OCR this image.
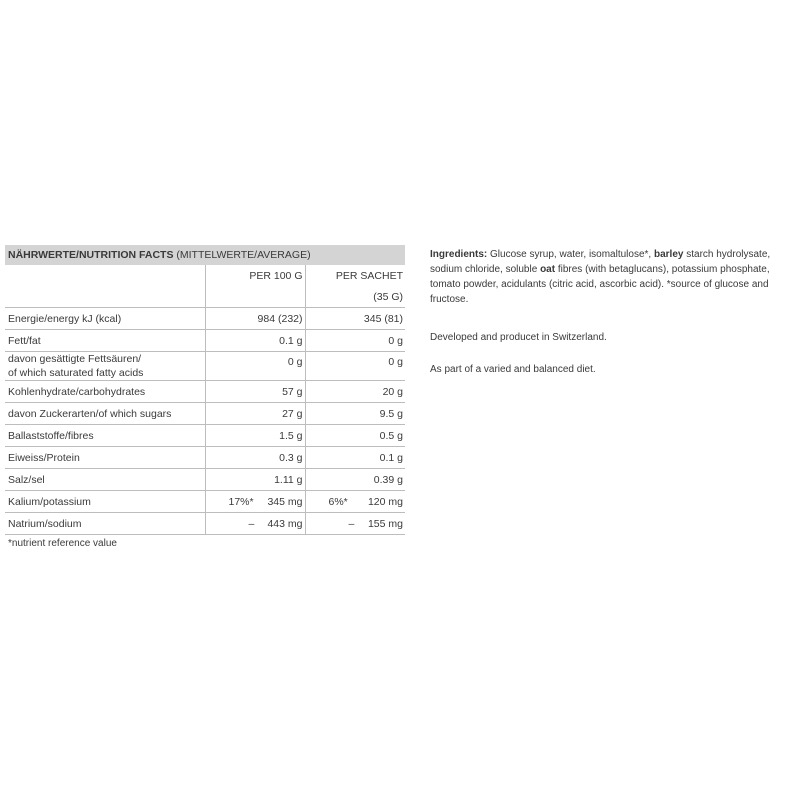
NÄHRWERTE/NUTRITION FACTS (MITTELWERTE/AVERAGE)
	PER 100 G	PER SACHET
		(35 G)
Energie/energy kJ (kcal)	984 (232)	345 (81)
Fett/fat	0.1 g	0 g

davon gesättigte Fettsäuren/
of which saturated fatty acids	0 g	0 g
Kohlenhydrate/carbohydrates	57 g	20 g
davon Zuckerarten/of which sugars	27 g	9.5 g
Ballaststoffe/fibres	1.5 g	0.5 g
Eiweiss/Protein	0.3 g	0.1 g
Salz/sel	1.11 g	0.39 g
Kalium/potassium	17%* 345 mg	6%* 120 mg

Natrium/sodium	– 443 mg	– 155 mg
*nutrient reference value

Ingredients: Glucose syrup, water, isomaltulose*, barley starch hydrolysate, sodium chloride, soluble oat fibres (with betaglucans), potassium phosphate, tomato powder, acidulants (citric acid, ascorbic acid). *source of glucose and fructose.

Developed and producet in Switzerland.

As part of a varied and balanced diet.
